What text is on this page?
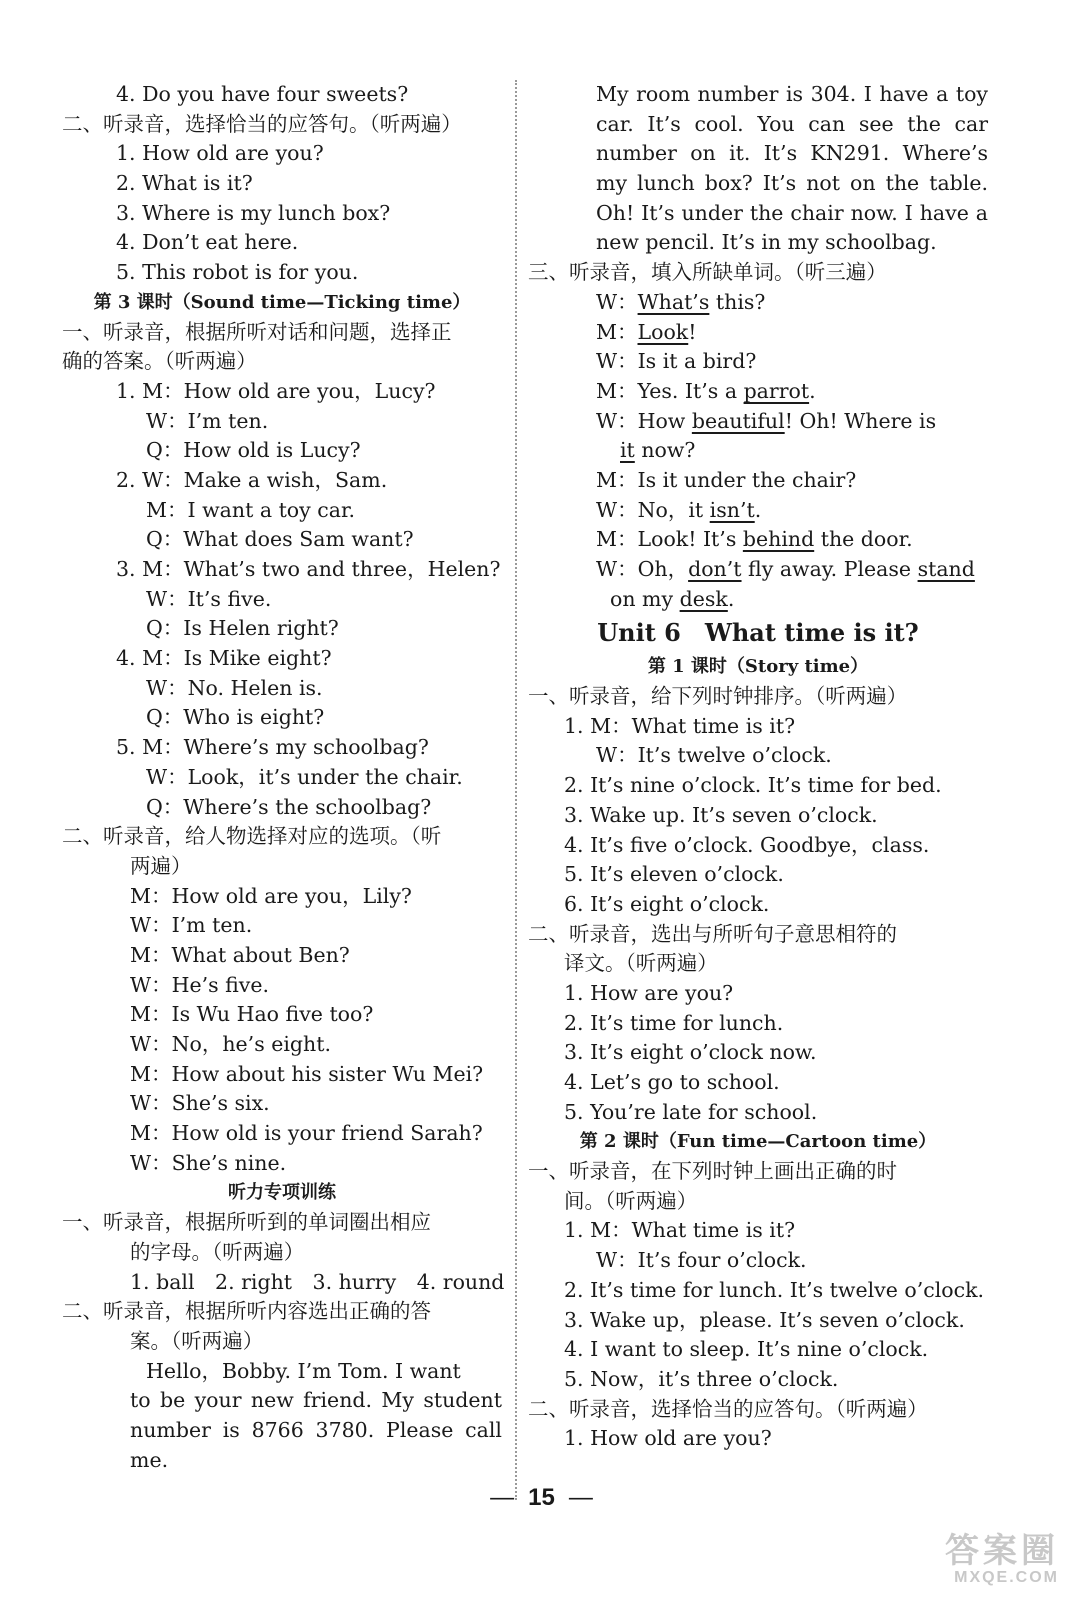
4. Do you have four sweets?
二、听录音，选择恰当的应答句。（听两遍）
1. How old are you?
2. What is it?
3. Where is my lunch box?
4. Don’t eat here.
5. This robot is for you.
第 3 课时（Sound time—Ticking time）
一、听录音，根据所听对话和问题，选择正
确的答案。（听两遍）
1. M：How old are you，Lucy?
W：I’m ten.
Q：How old is Lucy?
2. W：Make a wish，Sam.
M：I want a toy car.
Q：What does Sam want?
3. M：What’s two and three，Helen?
W：It’s five.
Q：Is Helen right?
4. M：Is Mike eight?
W：No. Helen is.
Q：Who is eight?
5. M：Where’s my schoolbag?
W：Look，it’s under the chair.
Q：Where’s the schoolbag?
二、听录音，给人物选择对应的选项。（听
两遍）
M：How old are you，Lily?
W：I’m ten.
M：What about Ben?
W：He’s five.
M：Is Wu Hao five too?
W：No，he’s eight.
M：How about his sister Wu Mei?
W：She’s six.
M：How old is your friend Sarah?
W：She’s nine.
听力专项训练
一、听录音，根据所听到的单词圈出相应
的字母。（听两遍）
1. ball　2. right　3. hurry　4. round
二、听录音，根据所听内容选出正确的答
案。（听两遍）
Hello，Bobby. I’m Tom. I want
to be your new friend. My student
number is 8766 3780. Please call me.
My room number is 304. I have a toy
car. It’s cool. You can see the car
number on it. It’s KN291. Where’s
my lunch box? It’s not on the table.
Oh! It’s under the chair now. I have a
new pencil. It’s in my schoolbag.
三、听录音，填入所缺单词。（听三遍）
W：What’s this?
M：Look!
W：Is it a bird?
M：Yes. It’s a parrot.
W：How beautiful! Oh! Where is
it now?
M：Is it under the chair?
W：No，it isn’t.
M：Look! It’s behind the door.
W：Oh，don’t fly away. Please stand
on my desk.
Unit 6　What time is it?
第 1 课时（Story time）
一、听录音，给下列时钟排序。（听两遍）
1. M：What time is it?
W：It’s twelve o’clock.
2. It’s nine o’clock. It’s time for bed.
3. Wake up. It’s seven o’clock.
4. It’s five o’clock. Goodbye，class.
5. It’s eleven o’clock.
6. It’s eight o’clock.
二、听录音，选出与所听句子意思相符的
译文。（听两遍）
1. How are you?
2. It’s time for lunch.
3. It’s eight o’clock now.
4. Let’s go to school.
5. You’re late for school.
第 2 课时（Fun time—Cartoon time）
一、听录音，在下列时钟上画出正确的时
间。（听两遍）
1. M：What time is it?
W：It’s four o’clock.
2. It’s time for lunch. It’s twelve o’clock.
3. Wake up，please. It’s seven o’clock.
4. I want to sleep. It’s nine o’clock.
5. Now，it’s three o’clock.
二、听录音，选择恰当的应答句。（听两遍）
1. How old are you?
— 15 —
答案圈
MXQE.COM
